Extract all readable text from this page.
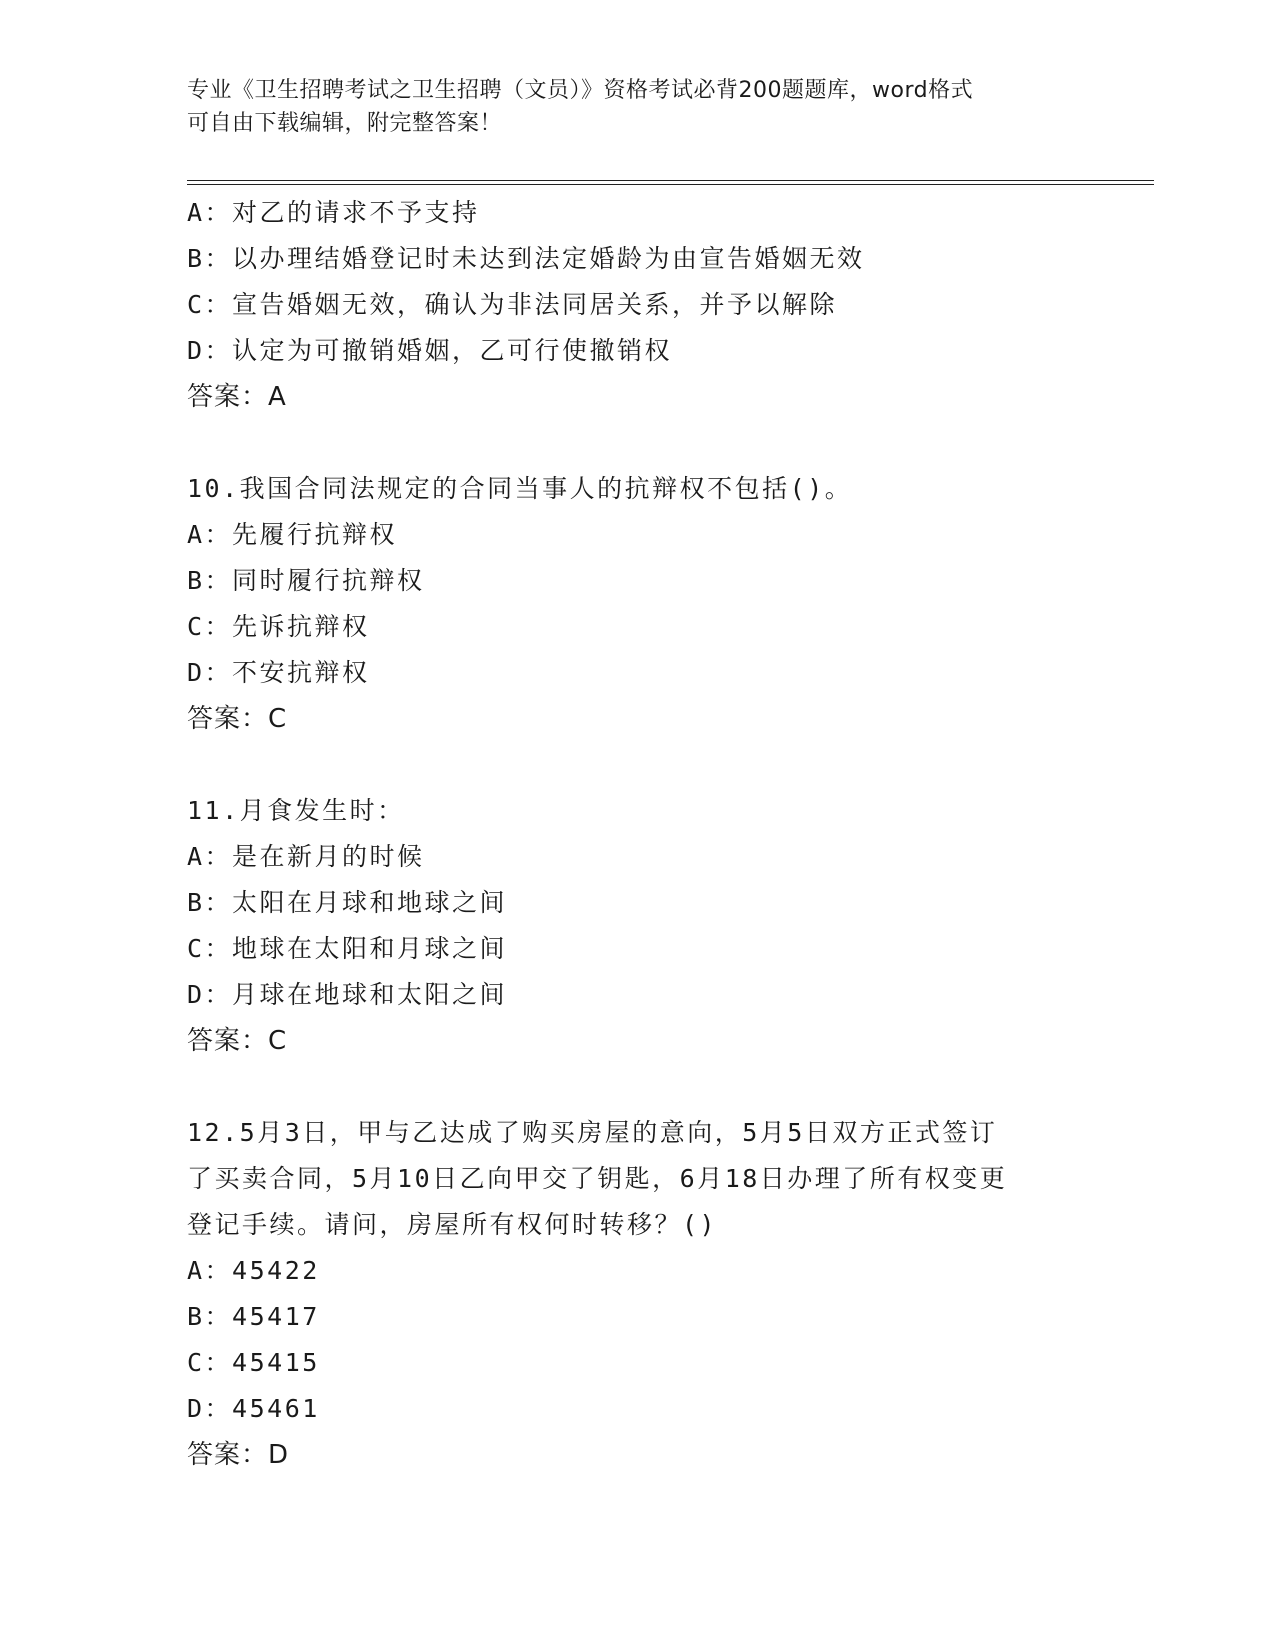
专业《卫生招聘考试之卫生招聘（文员）》资格考试必背200题题库，word格式
可自由下载编辑，附完整答案！
A：对乙的请求不予支持
B：以办理结婚登记时未达到法定婚龄为由宣告婚姻无效
C：宣告婚姻无效，确认为非法同居关系，并予以解除
D：认定为可撤销婚姻，乙可行使撤销权
答案：A
10.我国合同法规定的合同当事人的抗辩权不包括()。
A：先履行抗辩权
B：同时履行抗辩权
C：先诉抗辩权
D：不安抗辩权
答案：C
11.月食发生时：
A：是在新月的时候
B：太阳在月球和地球之间
C：地球在太阳和月球之间
D：月球在地球和太阳之间
答案：C
12.5月3日，甲与乙达成了购买房屋的意向，5月5日双方正式签订
了买卖合同，5月10日乙向甲交了钥匙，6月18日办理了所有权变更
登记手续。请问，房屋所有权何时转移？()
A：45422
B：45417
C：45415
D：45461
答案：D
